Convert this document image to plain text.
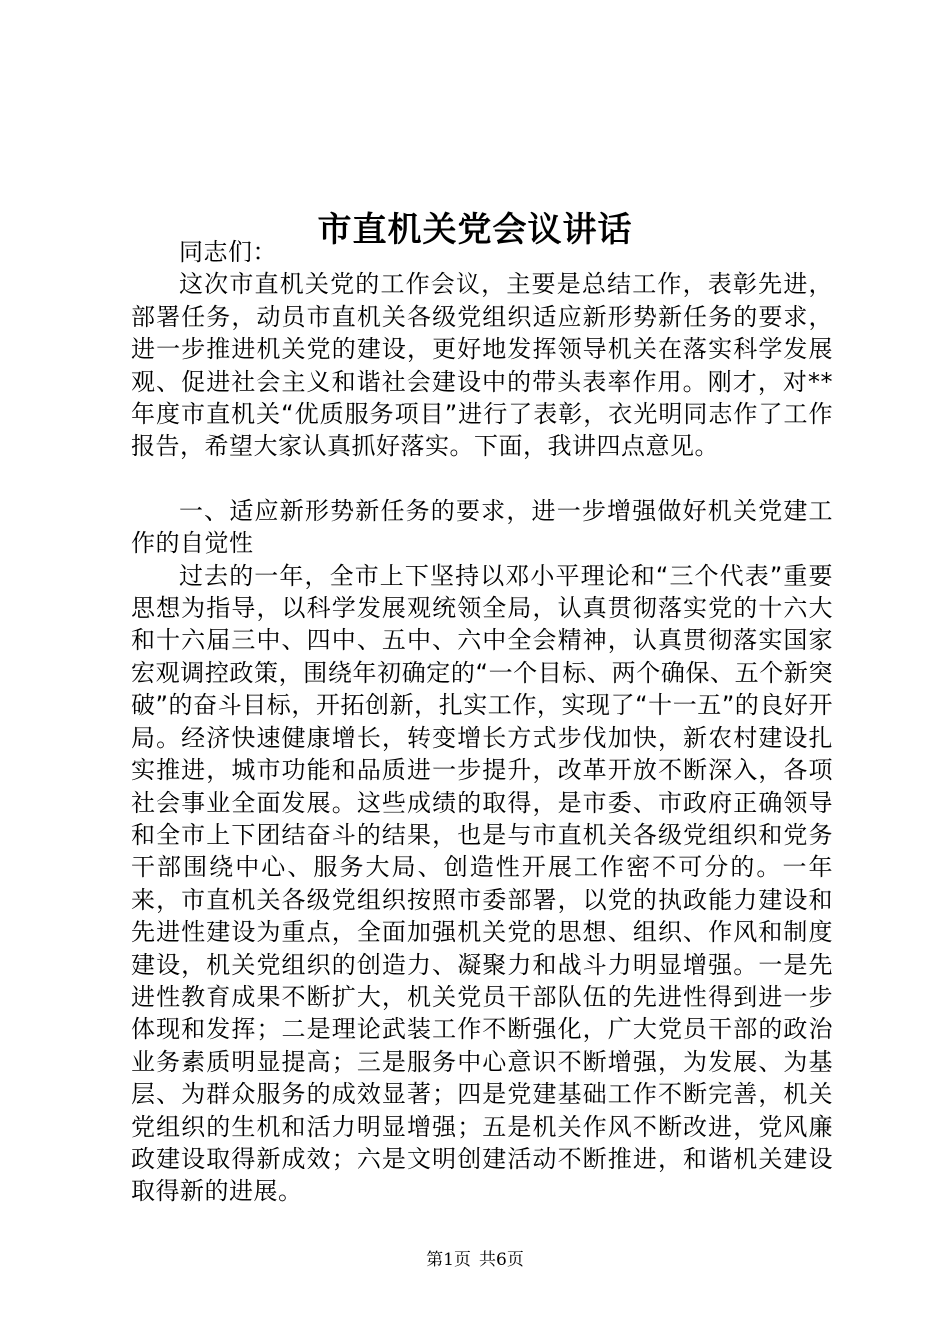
市直机关党会议讲话

同志们：

这次市直机关党的工作会议，主要是总结工作，表彰先进，部署任务，动员市直机关各级党组织适应新形势新任务的要求，进一步推进机关党的建设，更好地发挥领导机关在落实科学发展观、促进社会主义和谐社会建设中的带头表率作用。刚才，对**年度市直机关“优质服务项目”进行了表彰，衣光明同志作了工作报告，希望大家认真抓好落实。下面，我讲四点意见。

一、适应新形势新任务的要求，进一步增强做好机关党建工作的自觉性

过去的一年，全市上下坚持以邓小平理论和“三个代表”重要思想为指导，以科学发展观统领全局，认真贯彻落实党的十六大和十六届三中、四中、五中、六中全会精神，认真贯彻落实国家宏观调控政策，围绕年初确定的“一个目标、两个确保、五个新突破”的奋斗目标，开拓创新，扎实工作，实现了“十一五”的良好开局。经济快速健康增长，转变增长方式步伐加快，新农村建设扎实推进，城市功能和品质进一步提升，改革开放不断深入，各项社会事业全面发展。这些成绩的取得，是市委、市政府正确领导和全市上下团结奋斗的结果，也是与市直机关各级党组织和党务干部围绕中心、服务大局、创造性开展工作密不可分的。一年来，市直机关各级党组织按照市委部署，以党的执政能力建设和先进性建设为重点，全面加强机关党的思想、组织、作风和制度建设，机关党组织的创造力、凝聚力和战斗力明显增强。一是先进性教育成果不断扩大，机关党员干部队伍的先进性得到进一步体现和发挥；二是理论武装工作不断强化，广大党员干部的政治业务素质明显提高；三是服务中心意识不断增强，为发展、为基层、为群众服务的成效显著；四是党建基础工作不断完善，机关党组织的生机和活力明显增强；五是机关作风不断改进，党风廉政建设取得新成效；六是文明创建活动不断推进，和谐机关建设取得新的进展。

第1页 共6页
